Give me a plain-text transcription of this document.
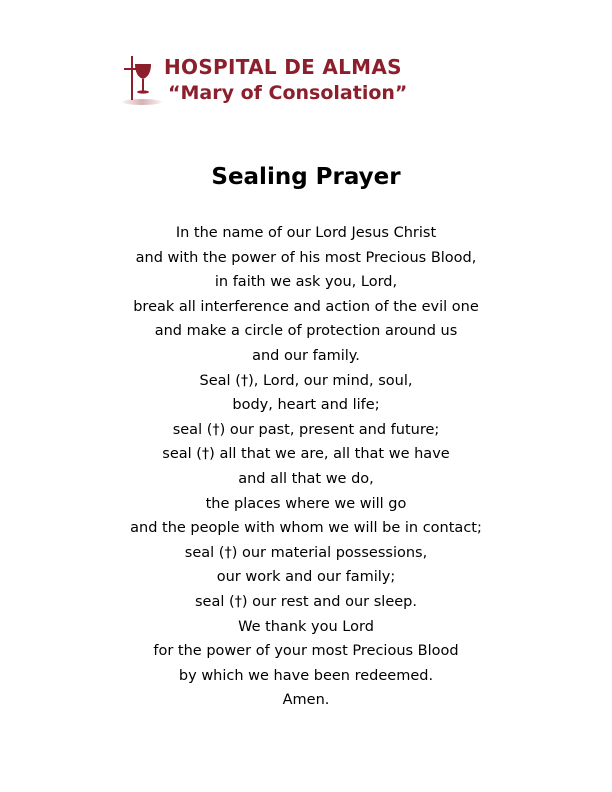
HOSPITAL DE ALMAS
“Mary of Consolation”
Sealing Prayer
In the name of our Lord Jesus Christ
and with the power of his most Precious Blood,
in faith we ask you, Lord,
break all interference and action of the evil one
and make a circle of protection around us
and our family.
Seal (†), Lord, our mind, soul,
body, heart and life;
seal (†) our past, present and future;
seal (†) all that we are, all that we have
and all that we do,
the places where we will go
and the people with whom we will be in contact;
seal (†) our material possessions,
our work and our family;
seal (†) our rest and our sleep.
We thank you Lord
for the power of your most Precious Blood
by which we have been redeemed.
Amen.
